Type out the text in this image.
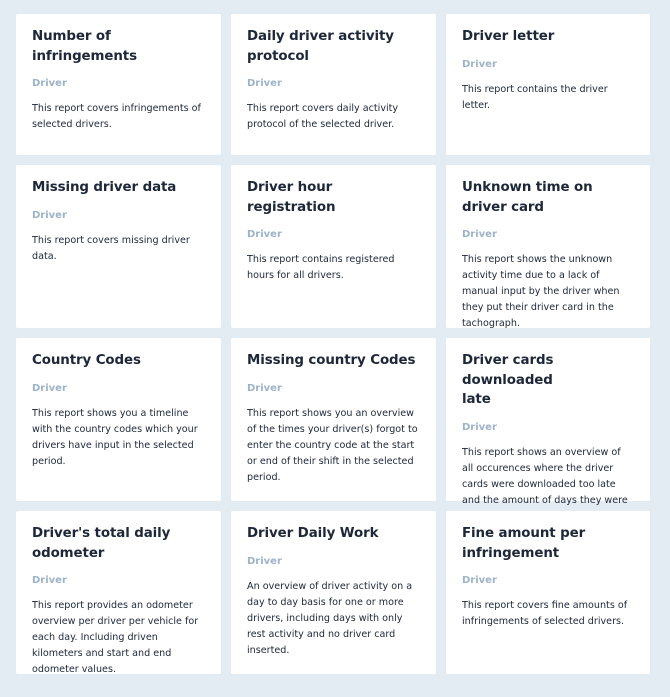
Number of infringements
Driver

This report covers infringements of selected drivers.

Daily driver activity protocol
Driver

This report covers daily activity protocol of the selected driver.

Driver letter
Driver

This report contains the driver letter.

Missing driver data
Driver

This report covers missing driver data.

Driver hour registration
Driver

This report contains registered hours for all drivers.

Unknown time on driver card
Driver

This report shows the unknown activity time due to a lack of manual input by the driver when they put their driver card in the tachograph.

Country Codes
Driver

This report shows you a timeline with the country codes which your drivers have input in the selected period.

Missing country Codes
Driver

This report shows you an overview of the times your driver(s) forgot to enter the country code at the start or end of their shift in the selected period.

Driver cards downloaded late
Driver

This report shows an overview of all occurences where the driver cards were downloaded too late and the amount of days they were

Driver's total daily odometer
Driver

This report provides an odometer overview per driver per vehicle for each day. Including driven kilometers and start and end odometer values.

Driver Daily Work
Driver

An overview of driver activity on a day to day basis for one or more drivers, including days with only rest activity and no driver card inserted.

Fine amount per infringement
Driver

This report covers fine amounts of infringements of selected drivers.
